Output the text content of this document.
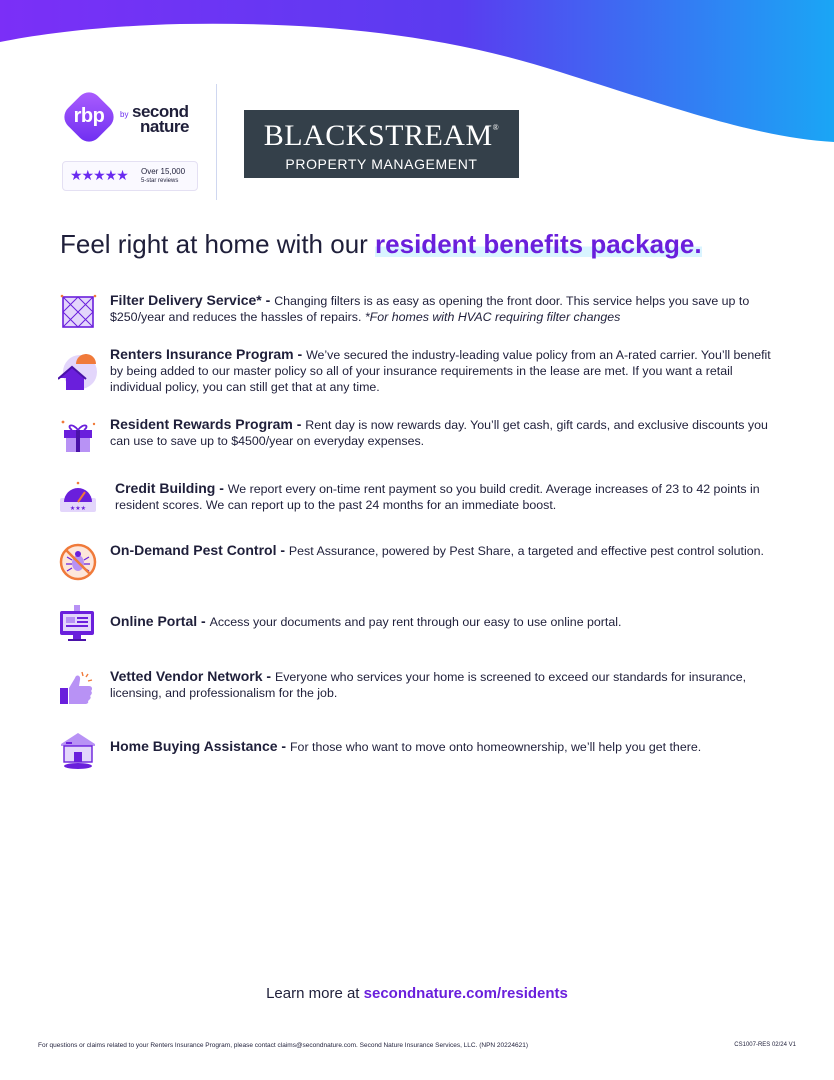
rbp	by second
nature
★★★★★ Over 15,000
5-star reviews
BLACKSTREAM®
PROPERTY MANAGEMENT
Feel right at home with our resident benefits package.
Filter Delivery Service* - Changing filters is as easy as opening the front door. This service helps you save up to $250/year and reduces the hassles of repairs. *For homes with HVAC requiring filter changes
Renters Insurance Program - We’ve secured the industry-leading value policy from an A-rated carrier. You’ll benefit by being added to our master policy so all of your insurance requirements in the lease are met. If you want a retail individual policy, you can still get that at any time.
Resident Rewards Program - Rent day is now rewards day. You’ll get cash, gift cards, and exclusive discounts you can use to save up to $4500/year on everyday expenses.
★★★
Credit Building - We report every on-time rent payment so you build credit. Average increases of 23 to 42 points in resident scores. We can report up to the past 24 months for an immediate boost.
On-Demand Pest Control - Pest Assurance, powered by Pest Share, a targeted and effective pest control solution.
Online Portal - Access your documents and pay rent through our easy to use online portal.
Vetted Vendor Network - Everyone who services your home is screened to exceed our standards for insurance, licensing, and professionalism for the job.
Home Buying Assistance - For those who want to move onto homeownership, we’ll help you get there.
Learn more at secondnature.com/residents
For questions or claims related to your Renters Insurance Program, please contact claims@secondnature.com. Second Nature Insurance Services, LLC. (NPN 20224621)	CS1007-RES 02/24 V1
